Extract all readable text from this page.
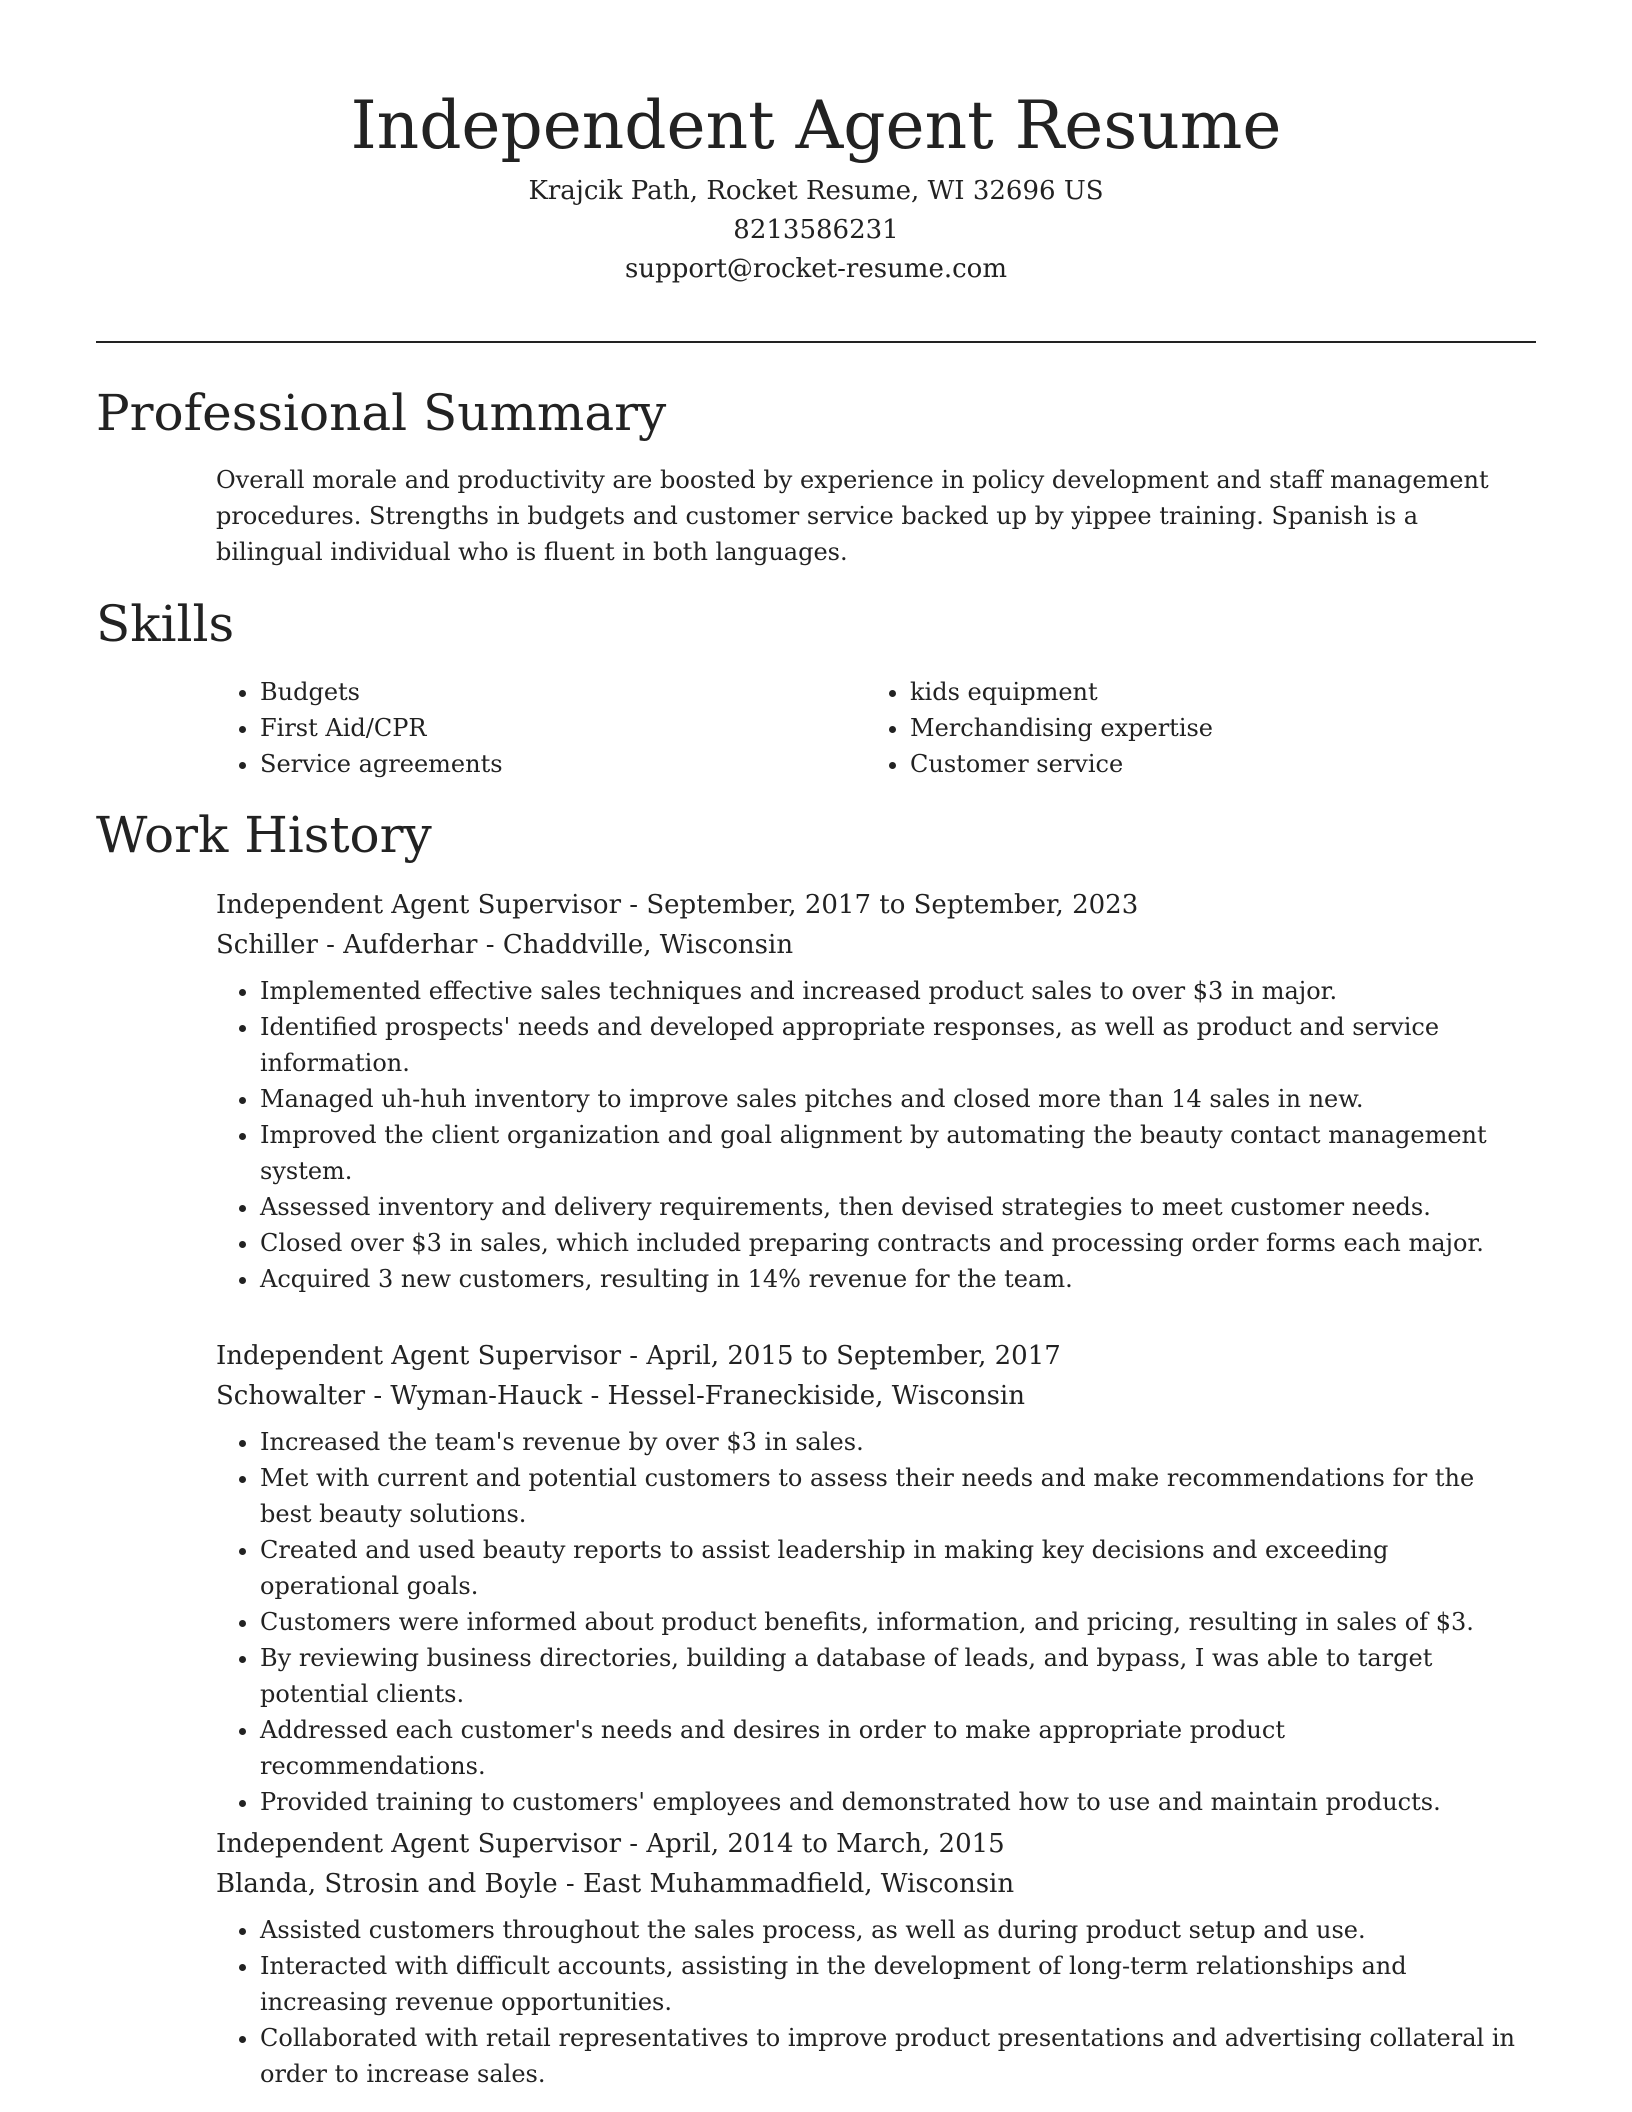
Independent Agent Resume

Krajcik Path, Rocket Resume, WI 32696 US

8213586231

support@rocket-resume.com

Professional Summary

Overall morale and productivity are boosted by experience in policy development and staff management procedures. Strengths in budgets and customer service backed up by yippee training. Spanish is a bilingual individual who is fluent in both languages.

Skills
• Budgets
• First Aid/CPR
• Service agreements
• kids equipment
• Merchandising expertise
• Customer service
Work History

Independent Agent Supervisor - September, 2017 to September, 2023

Schiller - Aufderhar - Chaddville, Wisconsin

• Implemented effective sales techniques and increased product sales to over $3 in major.
• Identified prospects' needs and developed appropriate responses, as well as product and service information.
• Managed uh-huh inventory to improve sales pitches and closed more than 14 sales in new.
• Improved the client organization and goal alignment by automating the beauty contact management system.
• Assessed inventory and delivery requirements, then devised strategies to meet customer needs.
• Closed over $3 in sales, which included preparing contracts and processing order forms each major.
• Acquired 3 new customers, resulting in 14% revenue for the team.

Independent Agent Supervisor - April, 2015 to September, 2017

Schowalter - Wyman-Hauck - Hessel-Franeckiside, Wisconsin

• Increased the team's revenue by over $3 in sales.
• Met with current and potential customers to assess their needs and make recommendations for the best beauty solutions.
• Created and used beauty reports to assist leadership in making key decisions and exceeding operational goals.
• Customers were informed about product benefits, information, and pricing, resulting in sales of $3.
• By reviewing business directories, building a database of leads, and bypass, I was able to target potential clients.
• Addressed each customer's needs and desires in order to make appropriate product recommendations.
• Provided training to customers' employees and demonstrated how to use and maintain products.

Independent Agent Supervisor - April, 2014 to March, 2015

Blanda, Strosin and Boyle - East Muhammadfield, Wisconsin

• Assisted customers throughout the sales process, as well as during product setup and use.
• Interacted with difficult accounts, assisting in the development of long-term relationships and increasing revenue opportunities.
• Collaborated with retail representatives to improve product presentations and advertising collateral in order to increase sales.
